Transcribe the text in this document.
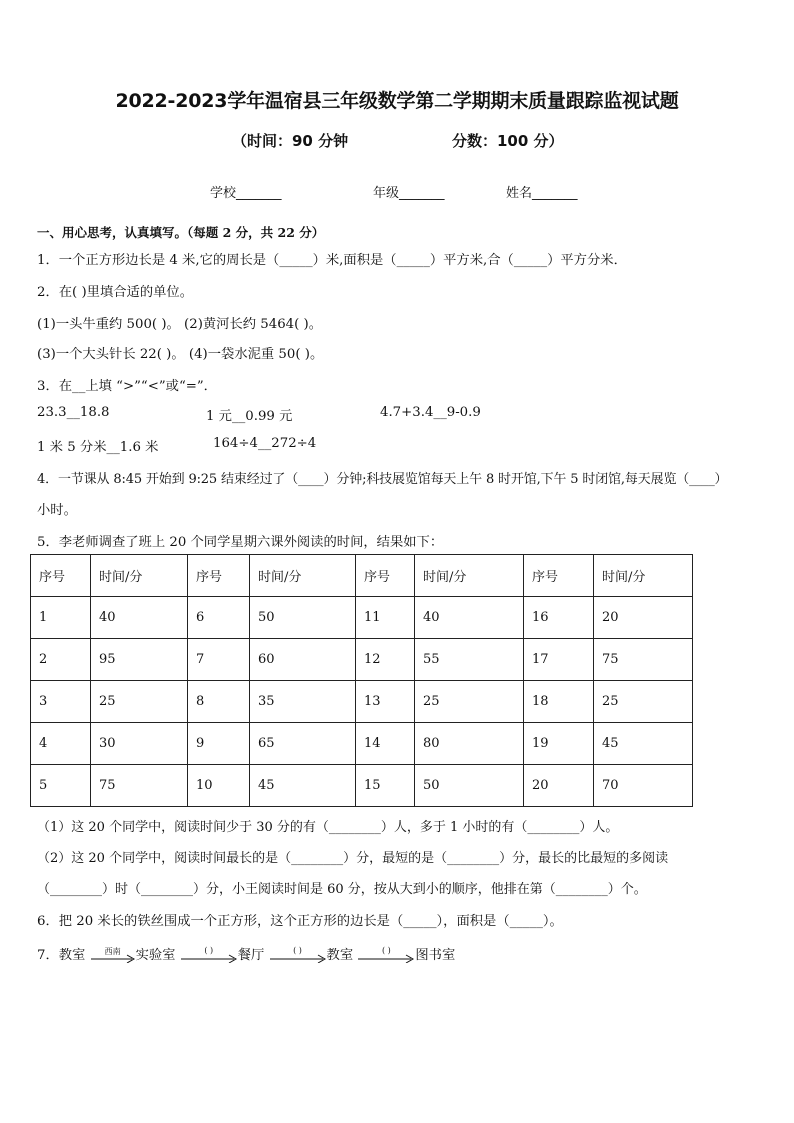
2022-2023学年温宿县三年级数学第二学期期末质量跟踪监视试题
（时间：90 分钟	分数：100 分）
学校_______	年级_______	姓名_______
一、用心思考，认真填写。（每题 2 分，共 22 分）
1．一个正方形边长是 4 米,它的周长是（_____）米,面积是（_____）平方米,合（_____）平方分米．
2．在( )里填合适的单位。
(1)一头牛重约 500( )。 (2)黄河长约 5464( )。
(3)一个大头针长 22( )。 (4)一袋水泥重 50( )。
3．在__上填 “>”“<”或“=”．
23.3__18.8	1 元__0.99 元	4.7+3.4__9-0.9
1 米 5 分米__1.6 米	164÷4__272÷4
4．一节课从 8:45 开始到 9:25 结束经过了（____）分钟;科技展览馆每天上午 8 时开馆,下午 5 时闭馆,每天展览（____）
小时。
5．李老师调查了班上 20 个同学星期六课外阅读的时间，结果如下：
序号	时间/分	序号	时间/分	序号	时间/分	序号	时间/分
1	40	6	50	11	40	16	20
2	95	7	60	12	55	17	75
3	25	8	35	13	25	18	25
4	30	9	65	14	80	19	45
5	75	10	45	15	50	20	70
（1）这 20 个同学中，阅读时间少于 30 分的有（________）人，多于 1 小时的有（________）人。
（2）这 20 个同学中，阅读时间最长的是（________）分，最短的是（________）分，最长的比最短的多阅读
（________）时（________）分，小王阅读时间是 60 分，按从大到小的顺序，他排在第（________）个。
6．把 20 米长的铁丝围成一个正方形，这个正方形的边长是（_____），面积是（_____）。
7．教室	西南	实验室	( )	餐厅	( )	教室	( )	图书室
